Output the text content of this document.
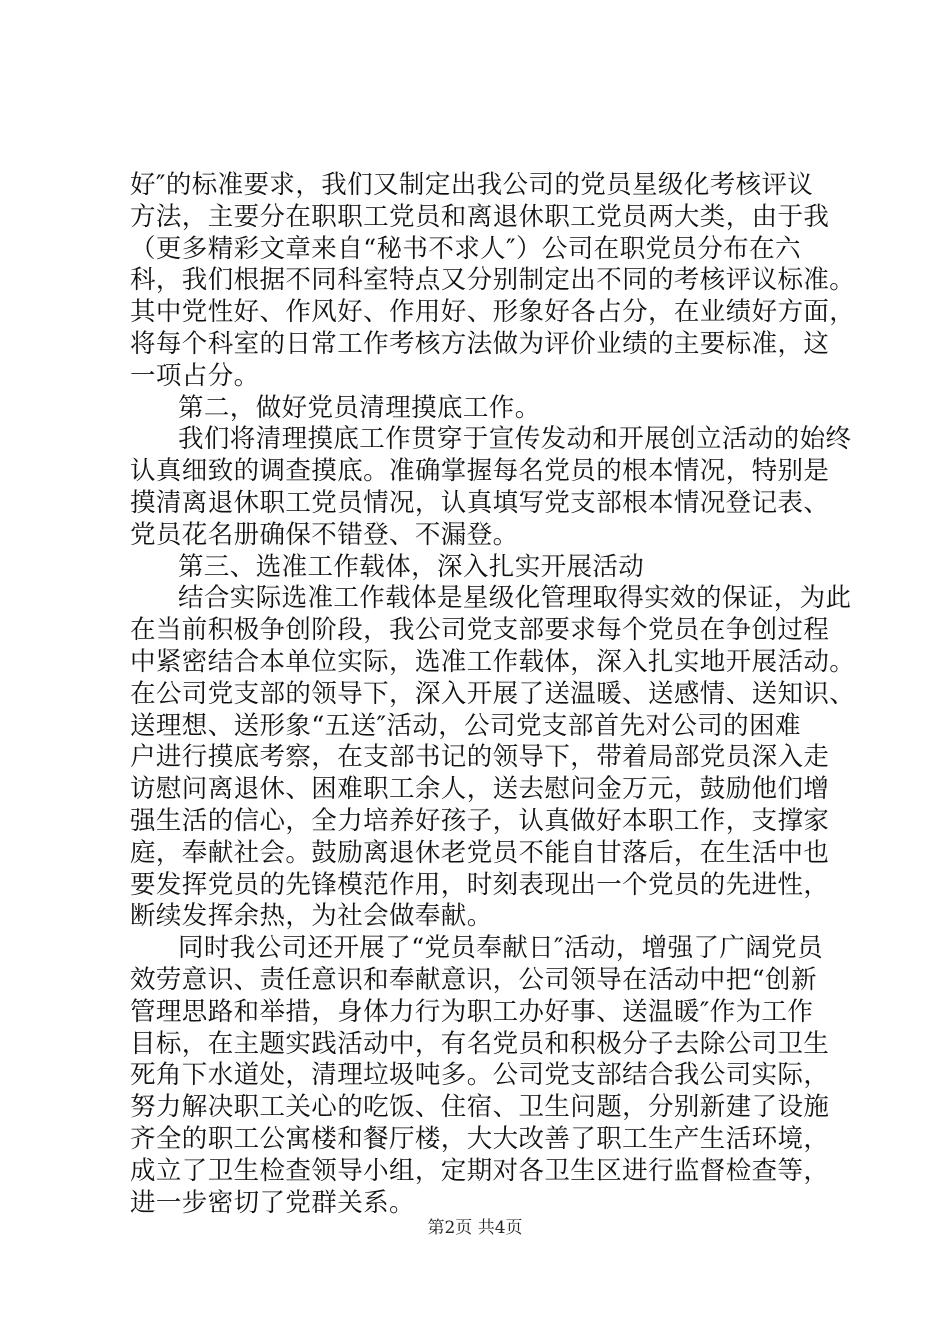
好″的标准要求，我们又制定出我公司的党员星级化考核评议
方法，主要分在职职工党员和离退休职工党员两大类，由于我
（更多精彩文章来自“秘书不求人″）公司在职党员分布在六
科，我们根据不同科室特点又分别制定出不同的考核评议标准。
其中党性好、作风好、作用好、形象好各占分，在业绩好方面，
将每个科室的日常工作考核方法做为评价业绩的主要标准，这
一项占分。
第二，做好党员清理摸底工作。
我们将清理摸底工作贯穿于宣传发动和开展创立活动的始终
认真细致的调查摸底。准确掌握每名党员的根本情况，特别是
摸清离退休职工党员情况，认真填写党支部根本情况登记表、
党员花名册确保不错登、不漏登。
第三、选准工作载体，深入扎实开展活动
结合实际选准工作载体是星级化管理取得实效的保证，为此
在当前积极争创阶段，我公司党支部要求每个党员在争创过程
中紧密结合本单位实际，选准工作载体，深入扎实地开展活动。
在公司党支部的领导下，深入开展了送温暖、送感情、送知识、
送理想、送形象“五送″活动，公司党支部首先对公司的困难
户进行摸底考察，在支部书记的领导下，带着局部党员深入走
访慰问离退休、困难职工余人，送去慰问金万元，鼓励他们增
强生活的信心，全力培养好孩子，认真做好本职工作，支撑家
庭，奉献社会。鼓励离退休老党员不能自甘落后，在生活中也
要发挥党员的先锋模范作用，时刻表现出一个党员的先进性，
断续发挥余热，为社会做奉献。
同时我公司还开展了“党员奉献日″活动，增强了广阔党员
效劳意识、责任意识和奉献意识，公司领导在活动中把“创新
管理思路和举措，身体力行为职工办好事、送温暖″作为工作
目标，在主题实践活动中，有名党员和积极分子去除公司卫生
死角下水道处，清理垃圾吨多。公司党支部结合我公司实际，
努力解决职工关心的吃饭、住宿、卫生问题，分别新建了设施
齐全的职工公寓楼和餐厅楼，大大改善了职工生产生活环境，
成立了卫生检查领导小组，定期对各卫生区进行监督检查等，
进一步密切了党群关系。
第2页 共4页
